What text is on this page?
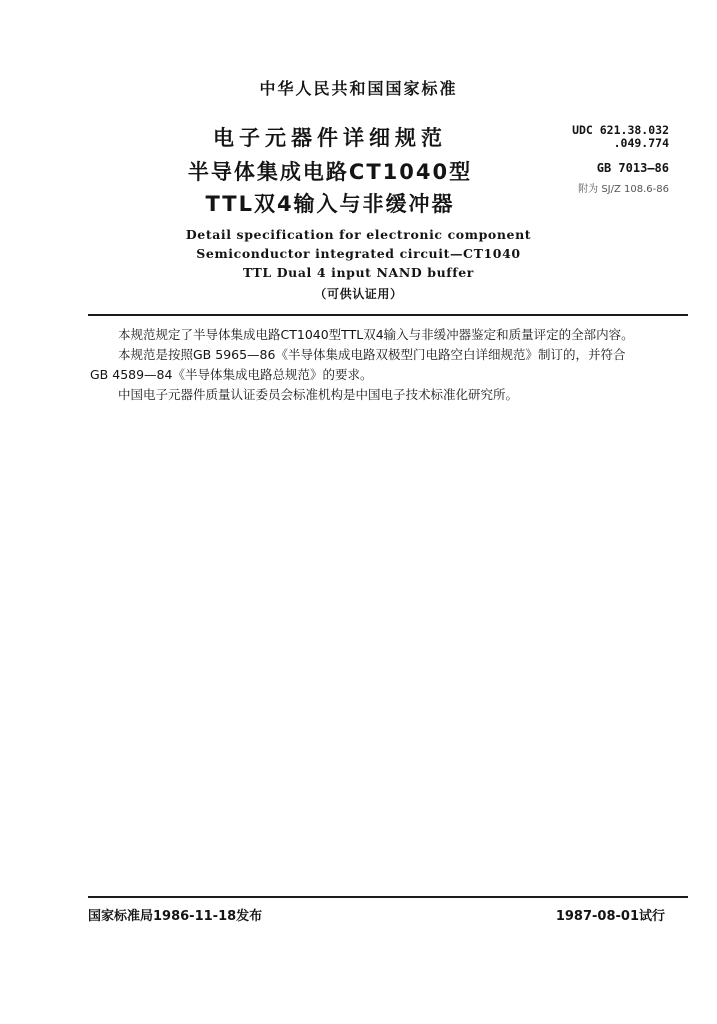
中华人民共和国国家标准
电子元器件详细规范
半导体集成电路CT1040型
TTL双4输入与非缓冲器
UDC 621.38.032
.049.774
GB 7013—86
附为 SJ/Z 108.6-86
Detail specification for electronic component
Semiconductor integrated circuit—CT1040
TTL Dual 4 input NAND buffer
（可供认证用）
本规范规定了半导体集成电路CT1040型TTL双4输入与非缓冲器鉴定和质量评定的全部内容。
本规范是按照GB 5965—86《半导体集成电路双极型门电路空白详细规范》制订的，并符合
GB 4589—84《半导体集成电路总规范》的要求。
中国电子元器件质量认证委员会标准机构是中国电子技术标准化研究所。
国家标准局1986-11-18发布	1987-08-01试行
